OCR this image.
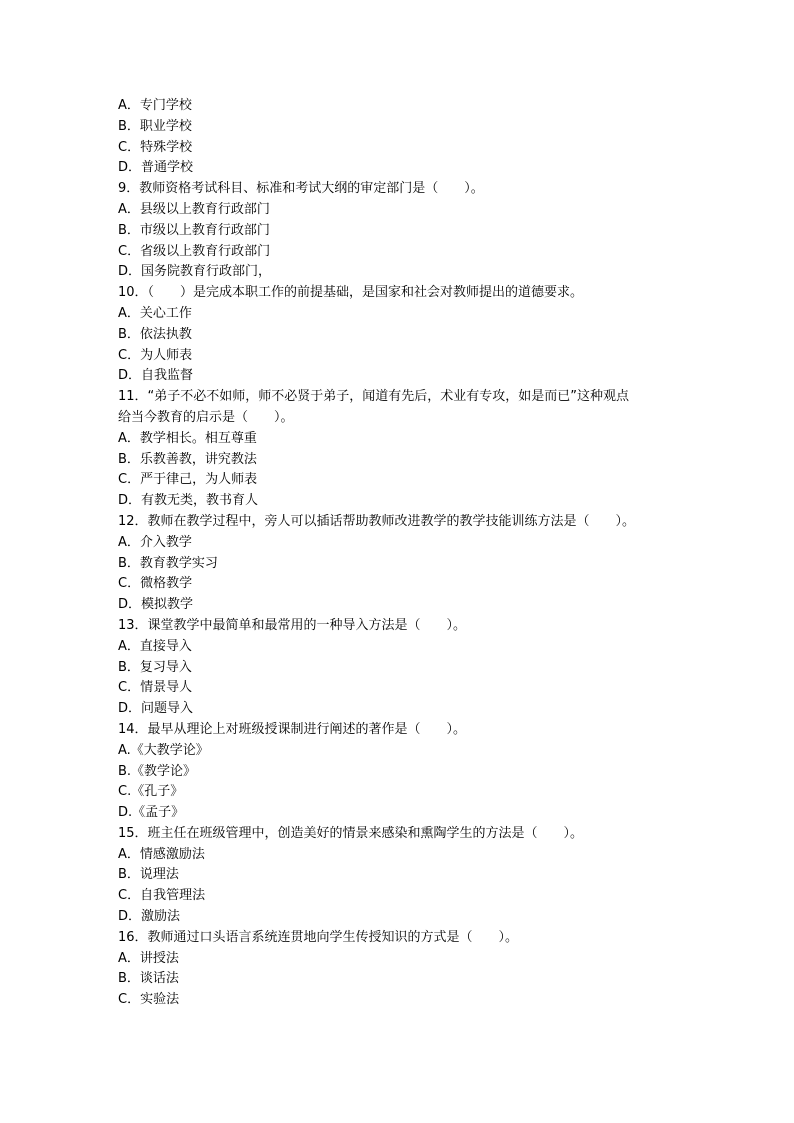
A．专门学校
B．职业学校
C．特殊学校
D．普通学校
9．教师资格考试科目、标准和考试大纲的审定部门是（　　）。
A．县级以上教育行政部门
B．市级以上教育行政部门
C．省级以上教育行政部门
D．国务院教育行政部门，
10．（　　）是完成本职工作的前提基础，是国家和社会对教师提出的道德要求。
A．关心工作
B．依法执教
C．为人师表
D．自我监督
11．“弟子不必不如师，师不必贤于弟子，闻道有先后，术业有专攻，如是而已”这种观点
给当今教育的启示是（　　）。
A．教学相长。相互尊重
B．乐教善教，讲究教法
C．严于律己，为人师表
D．有教无类，教书育人
12．教师在教学过程中，旁人可以插话帮助教师改进教学的教学技能训练方法是（　　）。
A．介入教学
B．教育教学实习
C．微格教学
D．模拟教学
13．课堂教学中最简单和最常用的一种导入方法是（　　）。
A．直接导入
B．复习导入
C．情景导人
D．问题导入
14．最早从理论上对班级授课制进行阐述的著作是（　　）。
A.《大教学论》
B.《教学论》
C.《孔子》
D.《孟子》
15．班主任在班级管理中，创造美好的情景来感染和熏陶学生的方法是（　　）。
A．情感激励法
B．说理法
C．自我管理法
D．激励法
16．教师通过口头语言系统连贯地向学生传授知识的方式是（　　）。
A．讲授法
B．谈话法
C．实验法
